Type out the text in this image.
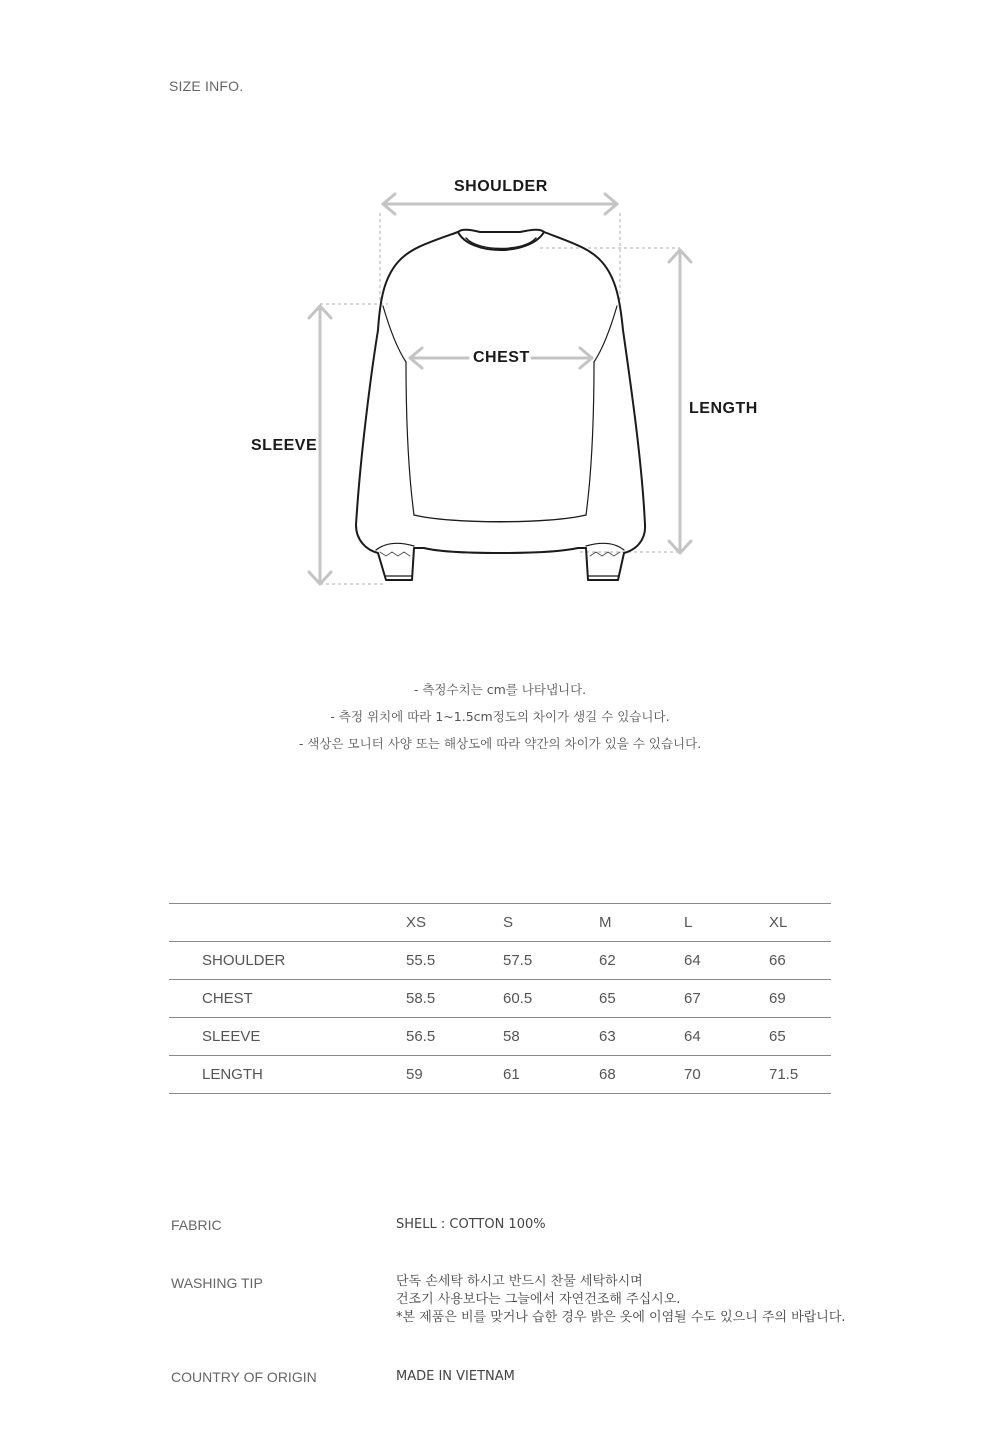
SIZE INFO.
SHOULDER
CHEST
LENGTH
SLEEVE
- 측정수치는 cm를 나타냅니다.
- 측정 위치에 따라 1~1.5cm정도의 차이가 생길 수 있습니다.
- 색상은 모니터 사양 또는 해상도에 따라 약간의 차이가 있을 수 있습니다.
	XS	S	M	L	XL
SHOULDER	55.5	57.5	62	64	66
CHEST	58.5	60.5	65	67	69
SLEEVE	56.5	58	63	64	65
LENGTH	59	61	68	70	71.5
FABRIC	SHELL : COTTON 100%
WASHING TIP	단독 손세탁 하시고 반드시 찬물 세탁하시며
건조기 사용보다는 그늘에서 자연건조해 주십시오.
*본 제품은 비를 맞거나 습한 경우 밝은 옷에 이염될 수도 있으니 주의 바랍니다.
COUNTRY OF ORIGIN	MADE IN VIETNAM
